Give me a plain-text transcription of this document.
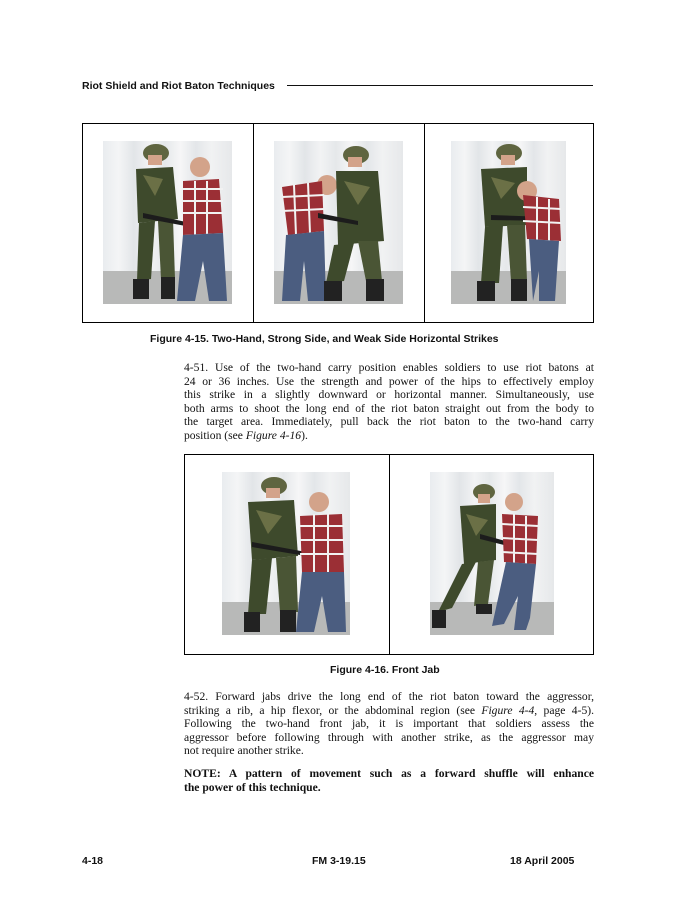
Riot Shield and Riot Baton Techniques
Figure 4-15. Two-Hand, Strong Side, and Weak Side Horizontal Strikes
4-51. Use of the two-hand carry position enables soldiers to use riot batons at
24 or 36 inches. Use the strength and power of the hips to effectively employ
this strike in a slightly downward or horizontal manner. Simultaneously, use
both arms to shoot the long end of the riot baton straight out from the body to
the target area. Immediately, pull back the riot baton to the two-hand carry
position (see Figure 4-16).
Figure 4-16. Front Jab
4-52. Forward jabs drive the long end of the riot baton toward the aggressor,
striking a rib, a hip flexor, or the abdominal region (see Figure 4-4, page 4-5).
Following the two-hand front jab, it is important that soldiers assess the
aggressor before following through with another strike, as the aggressor may
not require another strike.
NOTE: A pattern of movement such as a forward shuffle will enhance
the power of this technique.
4-18	FM 3-19.15	18 April 2005
